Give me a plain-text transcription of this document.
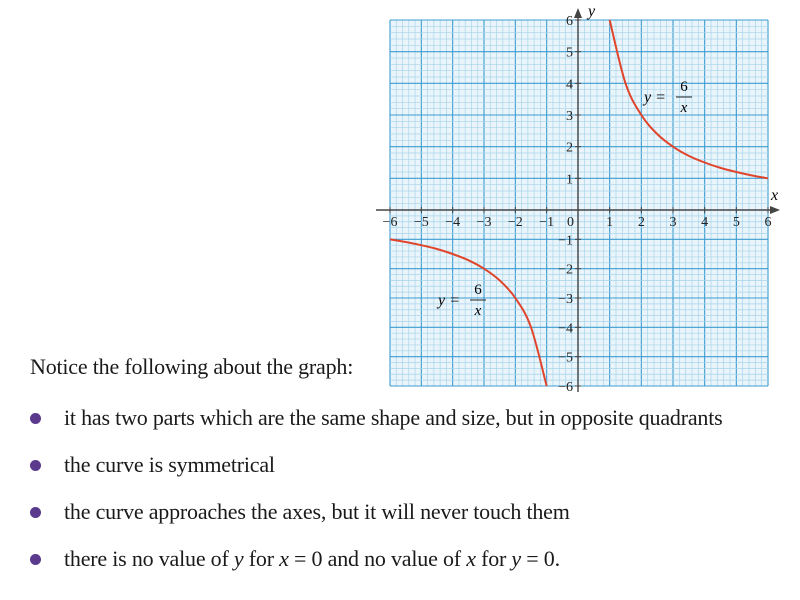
x
y
−6 −5 −4 −3 −2 −1	1 2 3 4 5 6
−6
−5
−4
−3
−2
−1
1
2
3
4
5
6
0
y =
6
x
y =
6
x
Notice the following about the graph:
it has two parts which are the same shape and size, but in opposite quadrants
the curve is symmetrical
the curve approaches the axes, but it will never touch them
there is no value of y for x = 0 and no value of x for y = 0.
